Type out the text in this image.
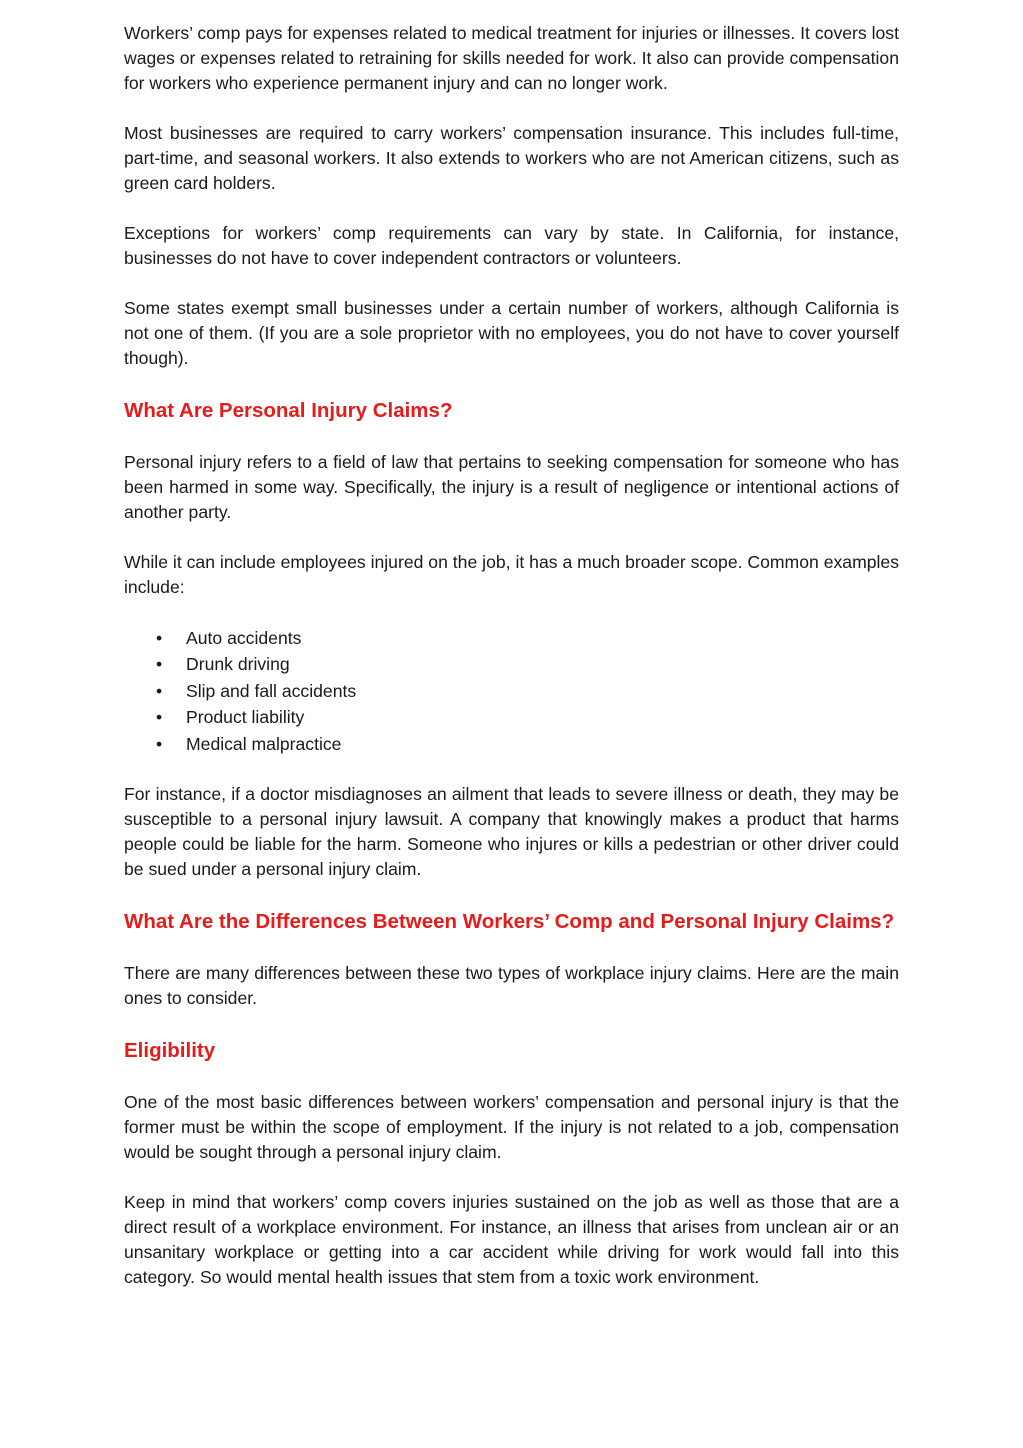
Workers’ comp pays for expenses related to medical treatment for injuries or illnesses. It covers lost wages or expenses related to retraining for skills needed for work. It also can provide compensation for workers who experience permanent injury and can no longer work.

Most businesses are required to carry workers’ compensation insurance. This includes full-time, part-time, and seasonal workers. It also extends to workers who are not American citizens, such as green card holders.

Exceptions for workers’ comp requirements can vary by state. In California, for instance, businesses do not have to cover independent contractors or volunteers.

Some states exempt small businesses under a certain number of workers, although California is not one of them. (If you are a sole proprietor with no employees, you do not have to cover yourself though).

What Are Personal Injury Claims?

Personal injury refers to a field of law that pertains to seeking compensation for someone who has been harmed in some way. Specifically, the injury is a result of negligence or intentional actions of another party.

While it can include employees injured on the job, it has a much broader scope. Common examples include:

• Auto accidents
• Drunk driving
• Slip and fall accidents
• Product liability
• Medical malpractice

For instance, if a doctor misdiagnoses an ailment that leads to severe illness or death, they may be susceptible to a personal injury lawsuit. A company that knowingly makes a product that harms people could be liable for the harm. Someone who injures or kills a pedestrian or other driver could be sued under a personal injury claim.

What Are the Differences Between Workers’ Comp and Personal Injury Claims?

There are many differences between these two types of workplace injury claims. Here are the main ones to consider.

Eligibility

One of the most basic differences between workers’ compensation and personal injury is that the former must be within the scope of employment. If the injury is not related to a job, compensation would be sought through a personal injury claim.

Keep in mind that workers’ comp covers injuries sustained on the job as well as those that are a direct result of a workplace environment. For instance, an illness that arises from unclean air or an unsanitary workplace or getting into a car accident while driving for work would fall into this category. So would mental health issues that stem from a toxic work environment.
